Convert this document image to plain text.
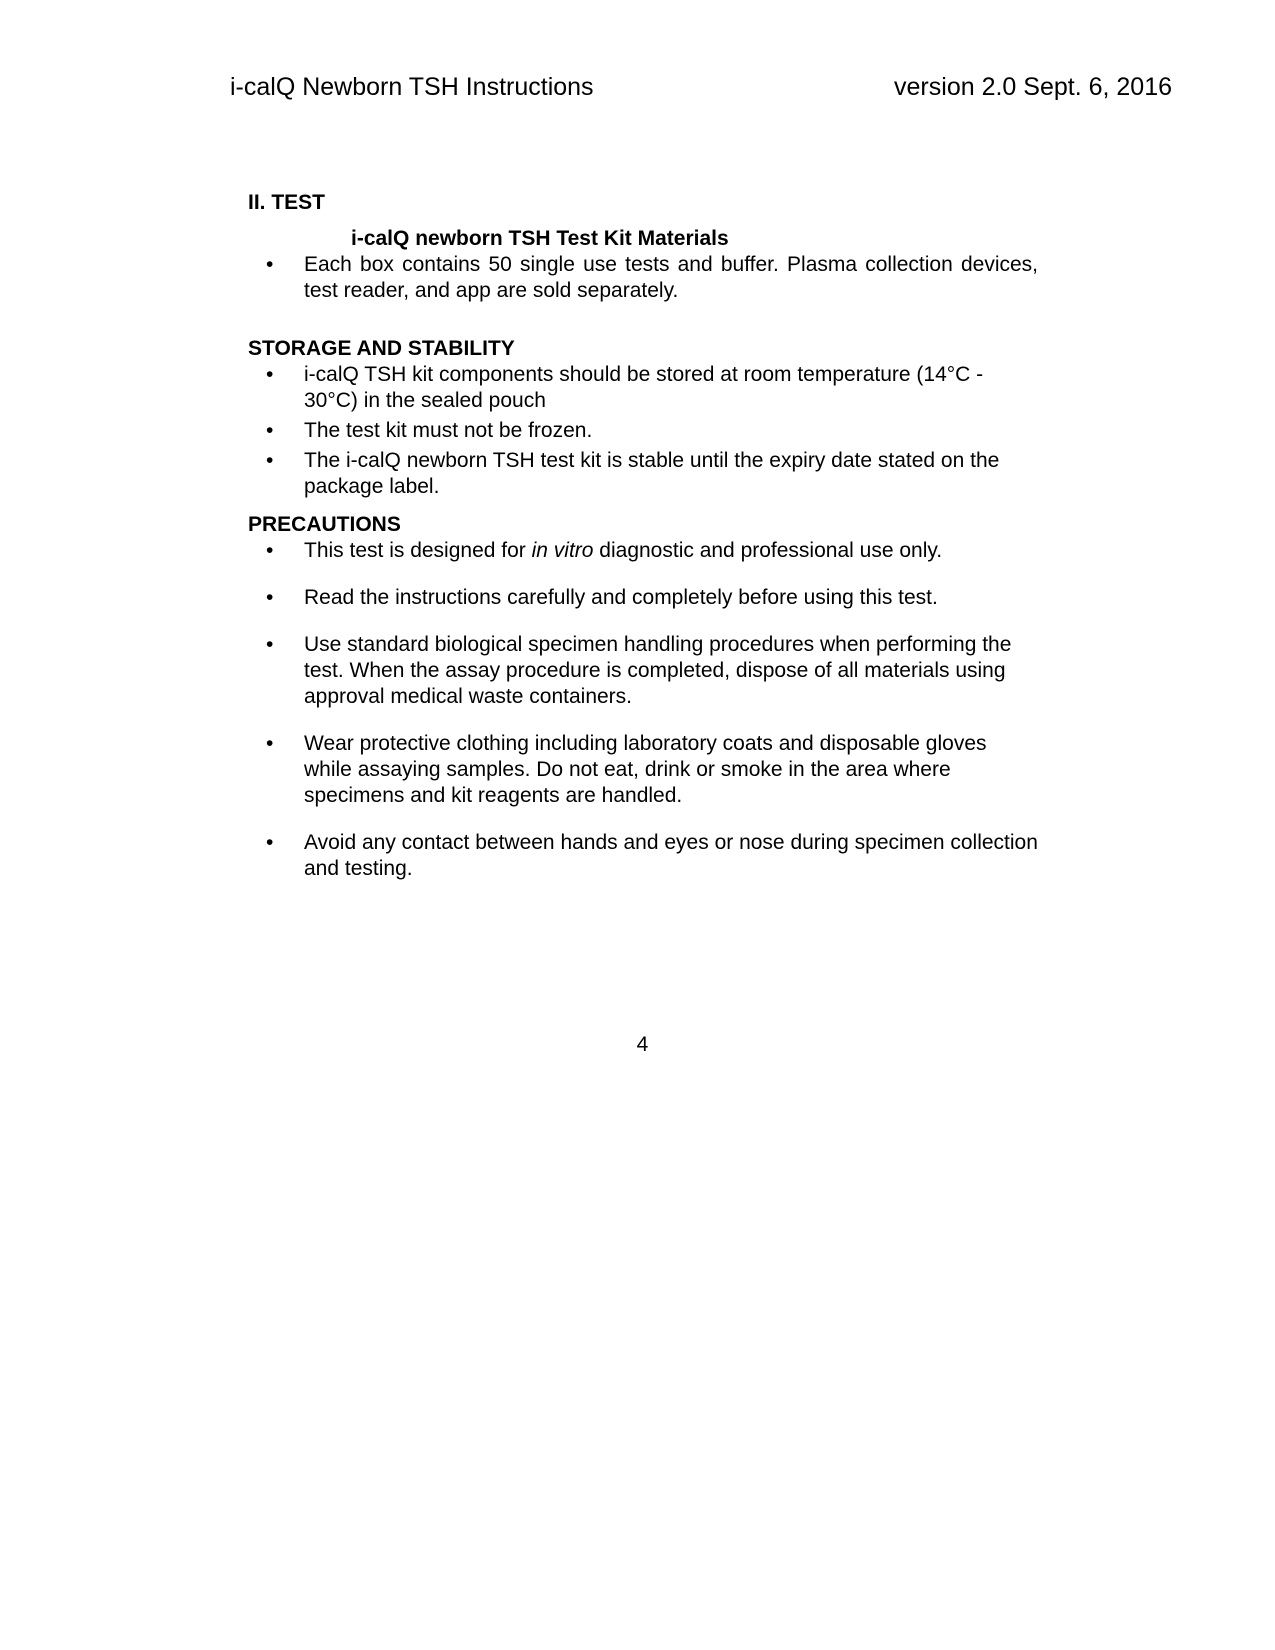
i-calQ Newborn TSH Instructions	version 2.0 Sept. 6, 2016
II. TEST
i-calQ newborn TSH Test Kit Materials
• Each box contains 50 single use tests and buffer. Plasma collection devices, test reader, and app are sold separately.
STORAGE AND STABILITY
• i-calQ TSH kit components should be stored at room temperature (14°C - 30°C) in the sealed pouch
• The test kit must not be frozen.
• The i-calQ newborn TSH test kit is stable until the expiry date stated on the package label.
PRECAUTIONS
• This test is designed for in vitro diagnostic and professional use only.
• Read the instructions carefully and completely before using this test.
• Use standard biological specimen handling procedures when performing the test. When the assay procedure is completed, dispose of all materials using approval medical waste containers.
• Wear protective clothing including laboratory coats and disposable gloves while assaying samples. Do not eat, drink or smoke in the area where specimens and kit reagents are handled.
• Avoid any contact between hands and eyes or nose during specimen collection and testing.
4
